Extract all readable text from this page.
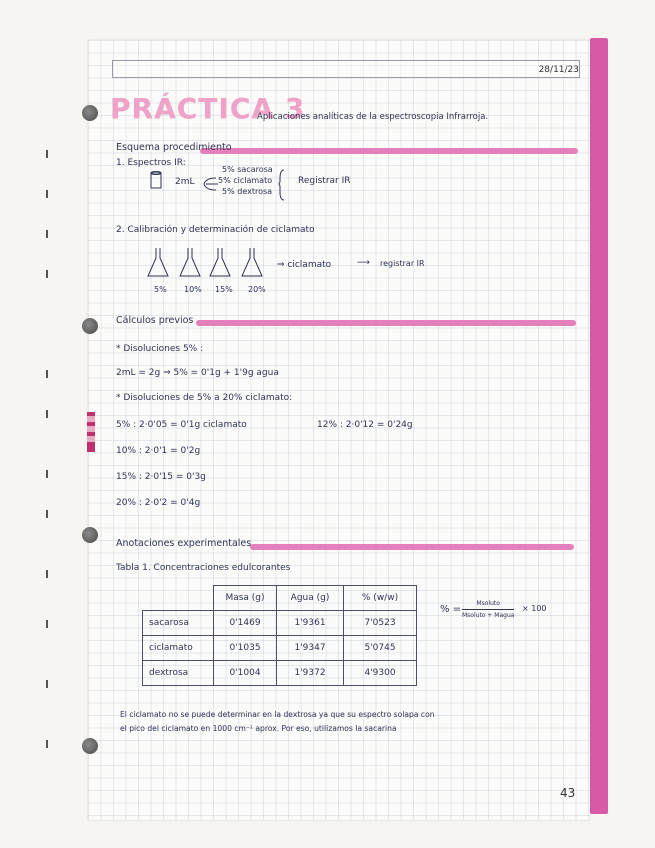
28/11/23
PRÁCTICA 3
Aplicaciones analíticas de la espectroscopia Infrarroja.
Esquema procedimiento
1. Espectros IR:
2mL
5% sacarosa
5% ciclamato
5% dextrosa
Registrar IR
2. Calibración y determinación de ciclamato
5% 10% 15% 20%
⇒ ciclamato	⟶ registrar IR
Cálculos previos
* Disoluciones 5% :
2mL = 2g ⇒ 5% = 0'1g + 1'9g agua
* Disoluciones de 5% a 20% ciclamato:
5% : 2·0'05 = 0'1g ciclamato
10% : 2·0'1 = 0'2g
15% : 2·0'15 = 0'3g
20% : 2·0'2 = 0'4g
12% : 2·0'12 = 0'24g
Anotaciones experimentales
Tabla 1. Concentraciones edulcorantes
	Masa (g)	Agua (g)	% (w/w)
sacarosa	0'1469	1'9361	7'0523
ciclamato	0'1035	1'9347	5'0745
dextrosa	0'1004	1'9372	4'9300
% =
Msoluto
Msoluto + Magua
× 100
El ciclamato no se puede determinar en la dextrosa ya que su espectro solapa con
el pico del ciclamato en 1000 cm⁻¹ aprox. Por eso, utilizamos la sacarina
43
